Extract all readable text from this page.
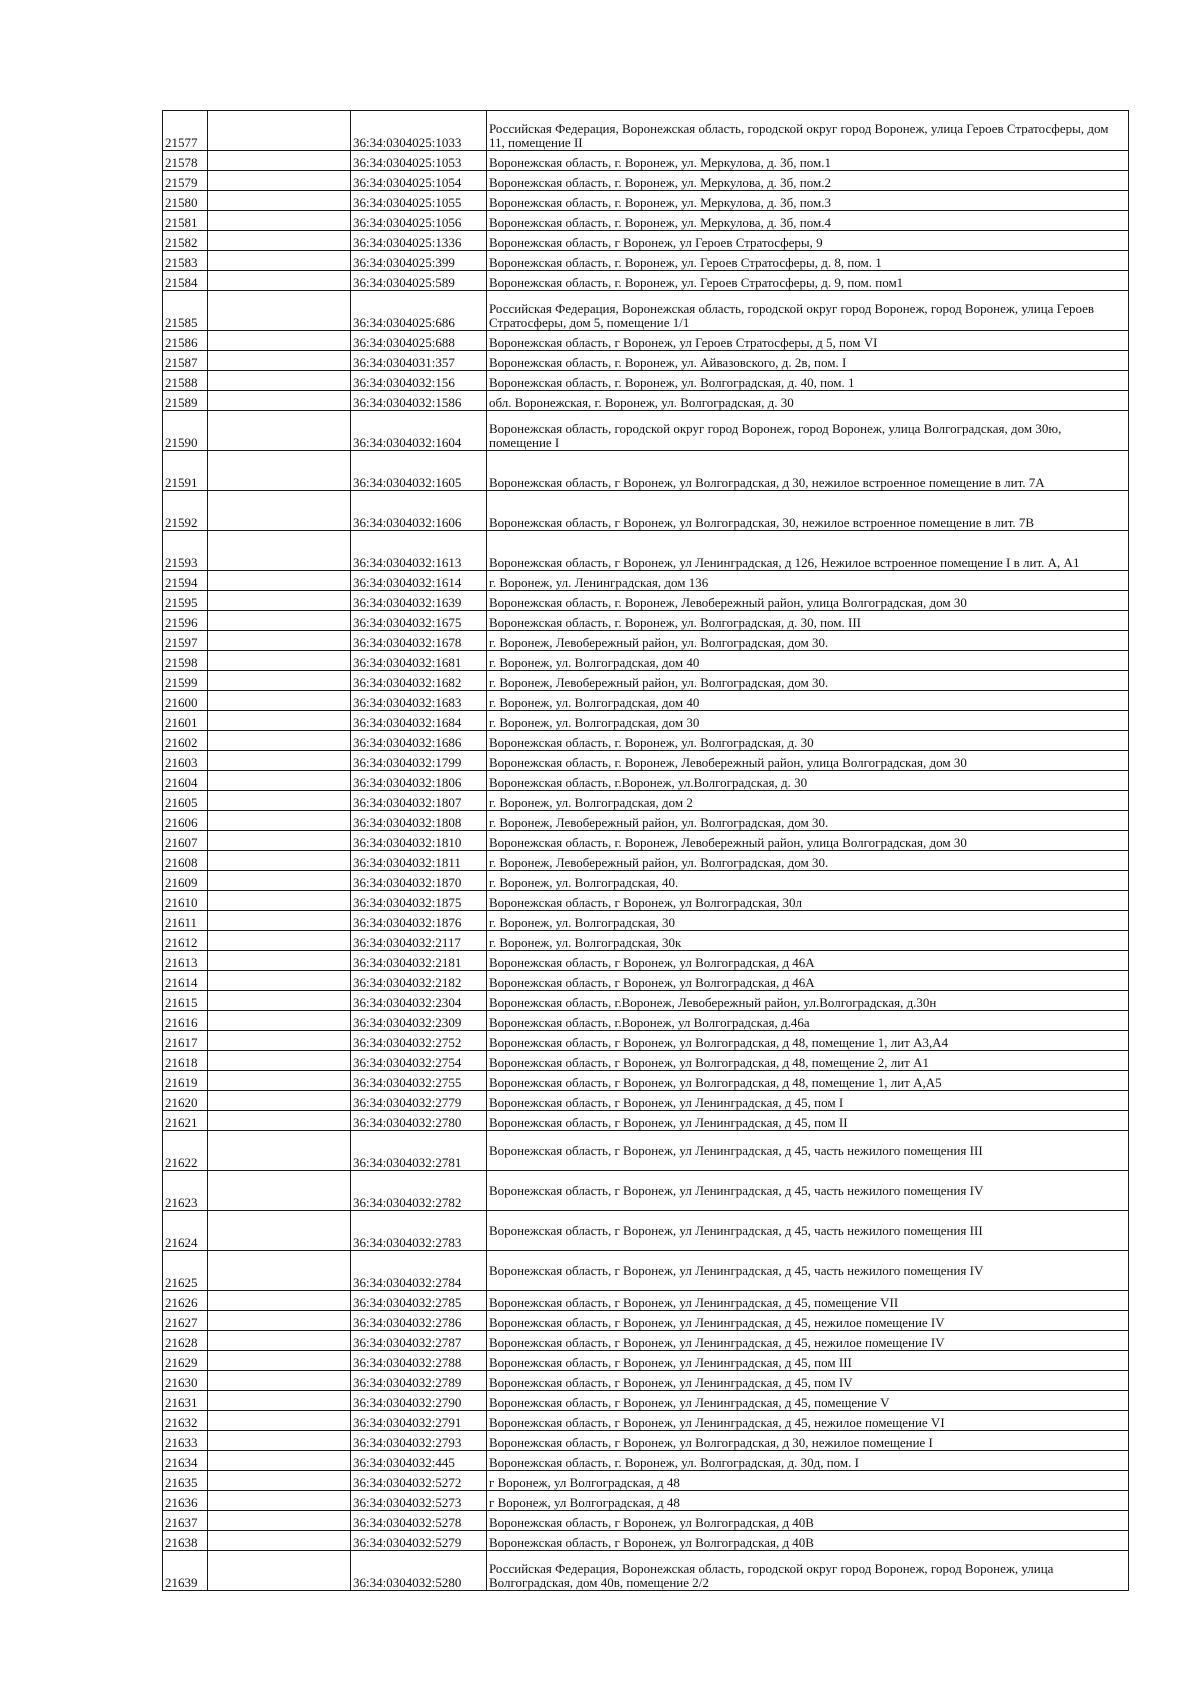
21577		36:34:0304025:1033	Российская Федерация, Воронежская область, городской округ город Воронеж, улица Героев Стратосферы, дом 11, помещение II
21578		36:34:0304025:1053	Воронежская область, г. Воронеж, ул. Меркулова, д. 3б, пом.1
21579		36:34:0304025:1054	Воронежская область, г. Воронеж, ул. Меркулова, д. 3б, пом.2
21580		36:34:0304025:1055	Воронежская область, г. Воронеж, ул. Меркулова, д. 3б, пом.3
21581		36:34:0304025:1056	Воронежская область, г. Воронеж, ул. Меркулова, д. 3б, пом.4
21582		36:34:0304025:1336	Воронежская область, г Воронеж, ул Героев Стратосферы, 9
21583		36:34:0304025:399	Воронежская область, г. Воронеж, ул. Героев Стратосферы, д. 8, пом. 1
21584		36:34:0304025:589	Воронежская область, г. Воронеж, ул. Героев Стратосферы, д. 9, пом. пом1
21585		36:34:0304025:686	Российская Федерация, Воронежская область, городской округ город Воронеж, город Воронеж, улица Героев Стратосферы, дом 5, помещение 1/1
21586		36:34:0304025:688	Воронежская область, г Воронеж, ул Героев Стратосферы, д 5, пом VI
21587		36:34:0304031:357	Воронежская область, г. Воронеж, ул. Айвазовского, д. 2в, пом. I
21588		36:34:0304032:156	Воронежская область, г. Воронеж, ул. Волгоградская, д. 40, пом. 1
21589		36:34:0304032:1586	обл. Воронежская, г. Воронеж, ул. Волгоградская, д. 30
21590		36:34:0304032:1604	Воронежская область, городской округ город Воронеж, город Воронеж, улица Волгоградская, дом 30ю, помещение I
21591		36:34:0304032:1605	Воронежская область, г Воронеж, ул Волгоградская, д 30, нежилое встроенное помещение в лит. 7А
21592		36:34:0304032:1606	Воронежская область, г Воронеж, ул Волгоградская, 30, нежилое встроенное помещение в лит. 7В
21593		36:34:0304032:1613	Воронежская область, г Воронеж, ул Ленинградская, д 126, Нежилое встроенное помещение I в лит. А, А1
21594		36:34:0304032:1614	г. Воронеж, ул. Ленинградская, дом 136
21595		36:34:0304032:1639	Воронежская область, г. Воронеж, Левобережный район, улица Волгоградская, дом 30
21596		36:34:0304032:1675	Воронежская область, г. Воронеж, ул. Волгоградская, д. 30, пом. III
21597		36:34:0304032:1678	г. Воронеж, Левобережный район, ул. Волгоградская, дом 30.
21598		36:34:0304032:1681	г. Воронеж, ул. Волгоградская, дом 40
21599		36:34:0304032:1682	г. Воронеж, Левобережный район, ул. Волгоградская, дом 30.
21600		36:34:0304032:1683	г. Воронеж, ул. Волгоградская, дом 40
21601		36:34:0304032:1684	г. Воронеж, ул. Волгоградская, дом 30
21602		36:34:0304032:1686	Воронежская область, г. Воронеж, ул. Волгоградская, д. 30
21603		36:34:0304032:1799	Воронежская область, г. Воронеж, Левобережный район, улица Волгоградская, дом 30
21604		36:34:0304032:1806	Воронежская область, г.Воронеж, ул.Волгоградская, д. 30
21605		36:34:0304032:1807	г. Воронеж, ул. Волгоградская, дом 2
21606		36:34:0304032:1808	г. Воронеж, Левобережный район, ул. Волгоградская, дом 30.
21607		36:34:0304032:1810	Воронежская область, г. Воронеж, Левобережный район, улица Волгоградская, дом 30
21608		36:34:0304032:1811	г. Воронеж, Левобережный район, ул. Волгоградская, дом 30.
21609		36:34:0304032:1870	г. Воронеж, ул. Волгоградская, 40.
21610		36:34:0304032:1875	Воронежская область, г Воронеж, ул Волгоградская, 30л
21611		36:34:0304032:1876	г. Воронеж, ул. Волгоградская, 30
21612		36:34:0304032:2117	г. Воронеж, ул. Волгоградская, 30к
21613		36:34:0304032:2181	Воронежская область, г Воронеж, ул Волгоградская, д 46А
21614		36:34:0304032:2182	Воронежская область, г Воронеж, ул Волгоградская, д 46А
21615		36:34:0304032:2304	Воронежская область, г.Воронеж, Левобережный район, ул.Волгоградская, д.30н
21616		36:34:0304032:2309	Воронежская область, г.Воронеж, ул Волгоградская, д.46а
21617		36:34:0304032:2752	Воронежская область, г Воронеж, ул Волгоградская, д 48, помещение 1, лит А3,А4
21618		36:34:0304032:2754	Воронежская область, г Воронеж, ул Волгоградская, д 48, помещение 2, лит А1
21619		36:34:0304032:2755	Воронежская область, г Воронеж, ул Волгоградская, д 48, помещение 1, лит А,А5
21620		36:34:0304032:2779	Воронежская область, г Воронеж, ул Ленинградская, д 45, пом I
21621		36:34:0304032:2780	Воронежская область, г Воронеж, ул Ленинградская, д 45, пом II
21622		36:34:0304032:2781	Воронежская область, г Воронеж, ул Ленинградская, д 45, часть нежилого помещения III
21623		36:34:0304032:2782	Воронежская область, г Воронеж, ул Ленинградская, д 45, часть нежилого помещения IV
21624		36:34:0304032:2783	Воронежская область, г Воронеж, ул Ленинградская, д 45, часть нежилого помещения III
21625		36:34:0304032:2784	Воронежская область, г Воронеж, ул Ленинградская, д 45, часть нежилого помещения IV
21626		36:34:0304032:2785	Воронежская область, г Воронеж, ул Ленинградская, д 45, помещение VII
21627		36:34:0304032:2786	Воронежская область, г Воронеж, ул Ленинградская, д 45, нежилое помещение IV
21628		36:34:0304032:2787	Воронежская область, г Воронеж, ул Ленинградская, д 45, нежилое помещение IV
21629		36:34:0304032:2788	Воронежская область, г Воронеж, ул Ленинградская, д 45, пом III
21630		36:34:0304032:2789	Воронежская область, г Воронеж, ул Ленинградская, д 45, пом IV
21631		36:34:0304032:2790	Воронежская область, г Воронеж, ул Ленинградская, д 45, помещение V
21632		36:34:0304032:2791	Воронежская область, г Воронеж, ул Ленинградская, д 45, нежилое помещение VI
21633		36:34:0304032:2793	Воронежская область, г Воронеж, ул Волгоградская, д 30, нежилое помещение I
21634		36:34:0304032:445	Воронежская область, г. Воронеж, ул. Волгоградская, д. 30д, пом. I
21635		36:34:0304032:5272	г Воронеж, ул Волгоградская, д 48
21636		36:34:0304032:5273	г Воронеж, ул Волгоградская, д 48
21637		36:34:0304032:5278	Воронежская область, г Воронеж, ул Волгоградская, д 40В
21638		36:34:0304032:5279	Воронежская область, г Воронеж, ул Волгоградская, д 40В
21639		36:34:0304032:5280	Российская Федерация, Воронежская область, городской округ город Воронеж, город Воронеж, улица Волгоградская, дом 40в, помещение 2/2
